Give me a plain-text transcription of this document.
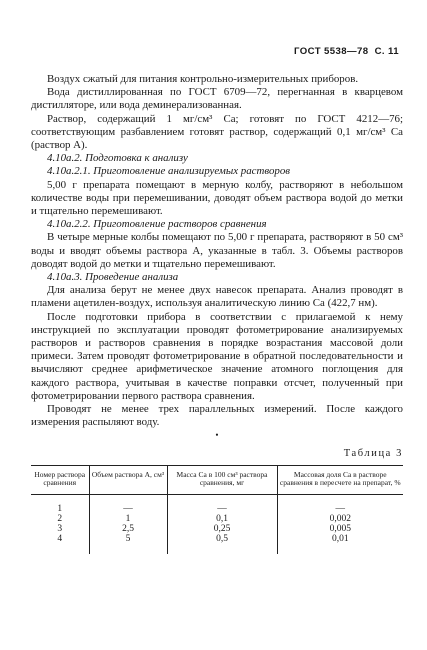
ГОСТ 5538—78 С. 11

Воздух сжатый для питания контрольно-измерительных приборов.

Вода дистиллированная по ГОСТ 6709—72, перегнанная в кварцевом дистилляторе, или вода деминерализованная.

Раствор, содержащий 1 мг/см³ Са; готовят по ГОСТ 4212—76; соответствующим разбавлением готовят раствор, содержащий 0,1 мг/см³ Са (раствор А).

4.10а.2. Подготовка к анализу

4.10а.2.1. Приготовление анализируемых растворов

5,00 г препарата помещают в мерную колбу, растворяют в небольшом количестве воды при перемешивании, доводят объем раствора водой до метки и тщательно перемешивают.

4.10а.2.2. Приготовление растворов сравнения

В четыре мерные колбы помещают по 5,00 г препарата, растворяют в 50 см³ воды и вводят объемы раствора А, указанные в табл. 3. Объемы растворов доводят водой до метки и тщательно перемешивают.

4.10а.3. Проведение анализа

Для анализа берут не менее двух навесок препарата. Анализ проводят в пламени ацетилен-воздух, используя аналитическую линию Са (422,7 нм).

После подготовки прибора в соответствии с прилагаемой к нему инструкцией по эксплуатации проводят фотометрирование анализируемых растворов и растворов сравнения в порядке возрастания массовой доли примеси. Затем проводят фотометрирование в обратной последовательности и вычисляют среднее арифметическое значение атомного поглощения для каждого раствора, учитывая в качестве поправки отсчет, полученный при фотометрировании первого раствора сравнения.

Проводят не менее трех параллельных измерений. После каждого измерения распыляют воду.

•
Таблица 3
Номер раствора сравнения	Объем раствора А, см³	Масса Са в 100 см³ раствора сравнения, мг	Массовая доля Са в растворе сравнения в пересчете на препарат, %
1	—	—	—
2	1	0,1	0,002
3	2,5	0,25	0,005
4	5	0,5	0,01
